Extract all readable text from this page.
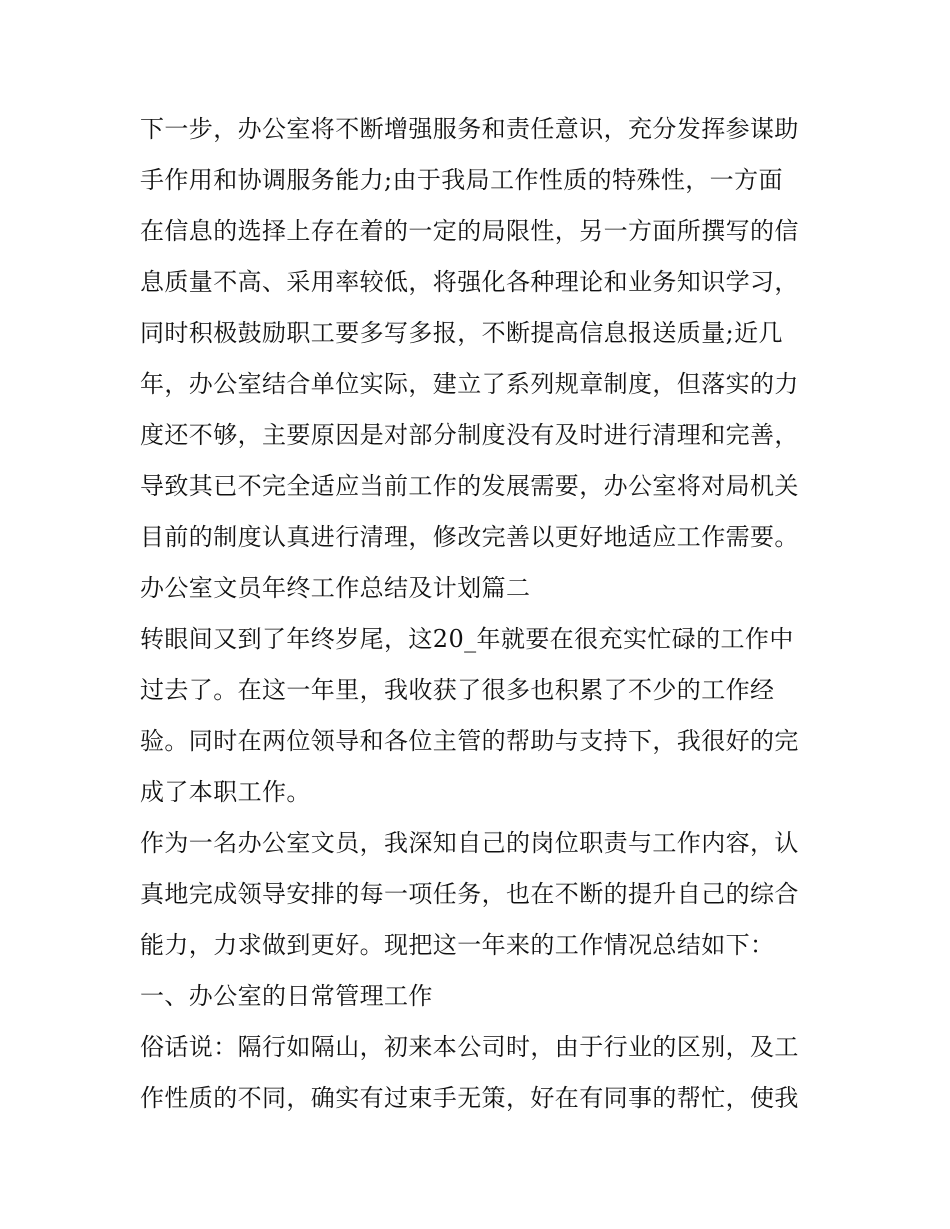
下一步，办公室将不断增强服务和责任意识，充分发挥参谋助
手作用和协调服务能力;由于我局工作性质的特殊性，一方面
在信息的选择上存在着的一定的局限性，另一方面所撰写的信
息质量不高、采用率较低，将强化各种理论和业务知识学习，
同时积极鼓励职工要多写多报，不断提高信息报送质量;近几
年，办公室结合单位实际，建立了系列规章制度，但落实的力
度还不够，主要原因是对部分制度没有及时进行清理和完善，
导致其已不完全适应当前工作的发展需要，办公室将对局机关
目前的制度认真进行清理，修改完善以更好地适应工作需要。
办公室文员年终工作总结及计划篇二
转眼间又到了年终岁尾，这20_年就要在很充实忙碌的工作中
过去了。在这一年里，我收获了很多也积累了不少的工作经
验。同时在两位领导和各位主管的帮助与支持下，我很好的完
成了本职工作。
作为一名办公室文员，我深知自己的岗位职责与工作内容，认
真地完成领导安排的每一项任务，也在不断的提升自己的综合
能力，力求做到更好。现把这一年来的工作情况总结如下：
一、办公室的日常管理工作
俗话说：隔行如隔山，初来本公司时，由于行业的区别，及工
作性质的不同，确实有过束手无策，好在有同事的帮忙，使我
